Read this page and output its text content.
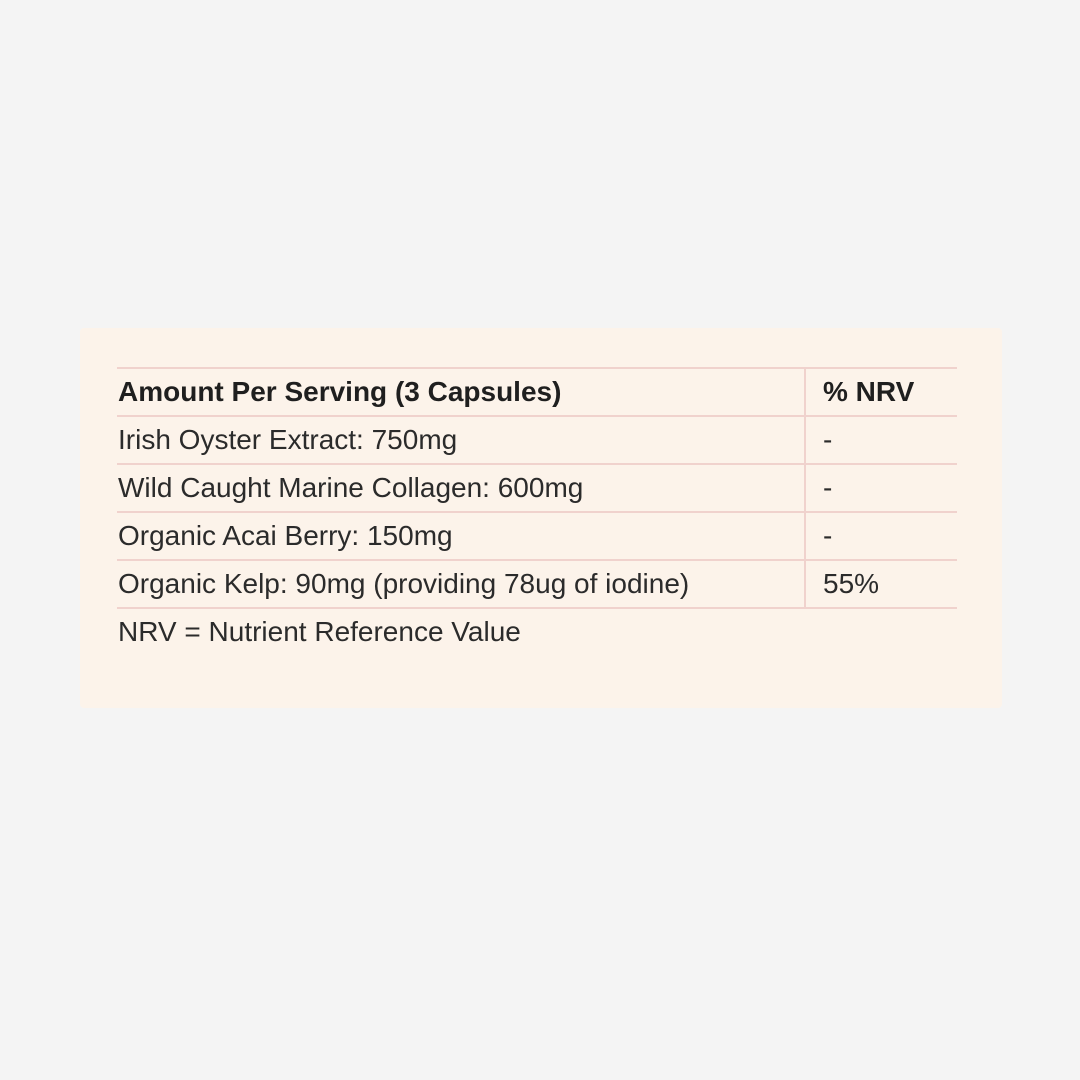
Amount Per Serving (3 Capsules)	% NRV
Irish Oyster Extract: 750mg	-
Wild Caught Marine Collagen: 600mg	-
Organic Acai Berry: 150mg	-
Organic Kelp: 90mg (providing 78ug of iodine)	55%
NRV = Nutrient Reference Value
